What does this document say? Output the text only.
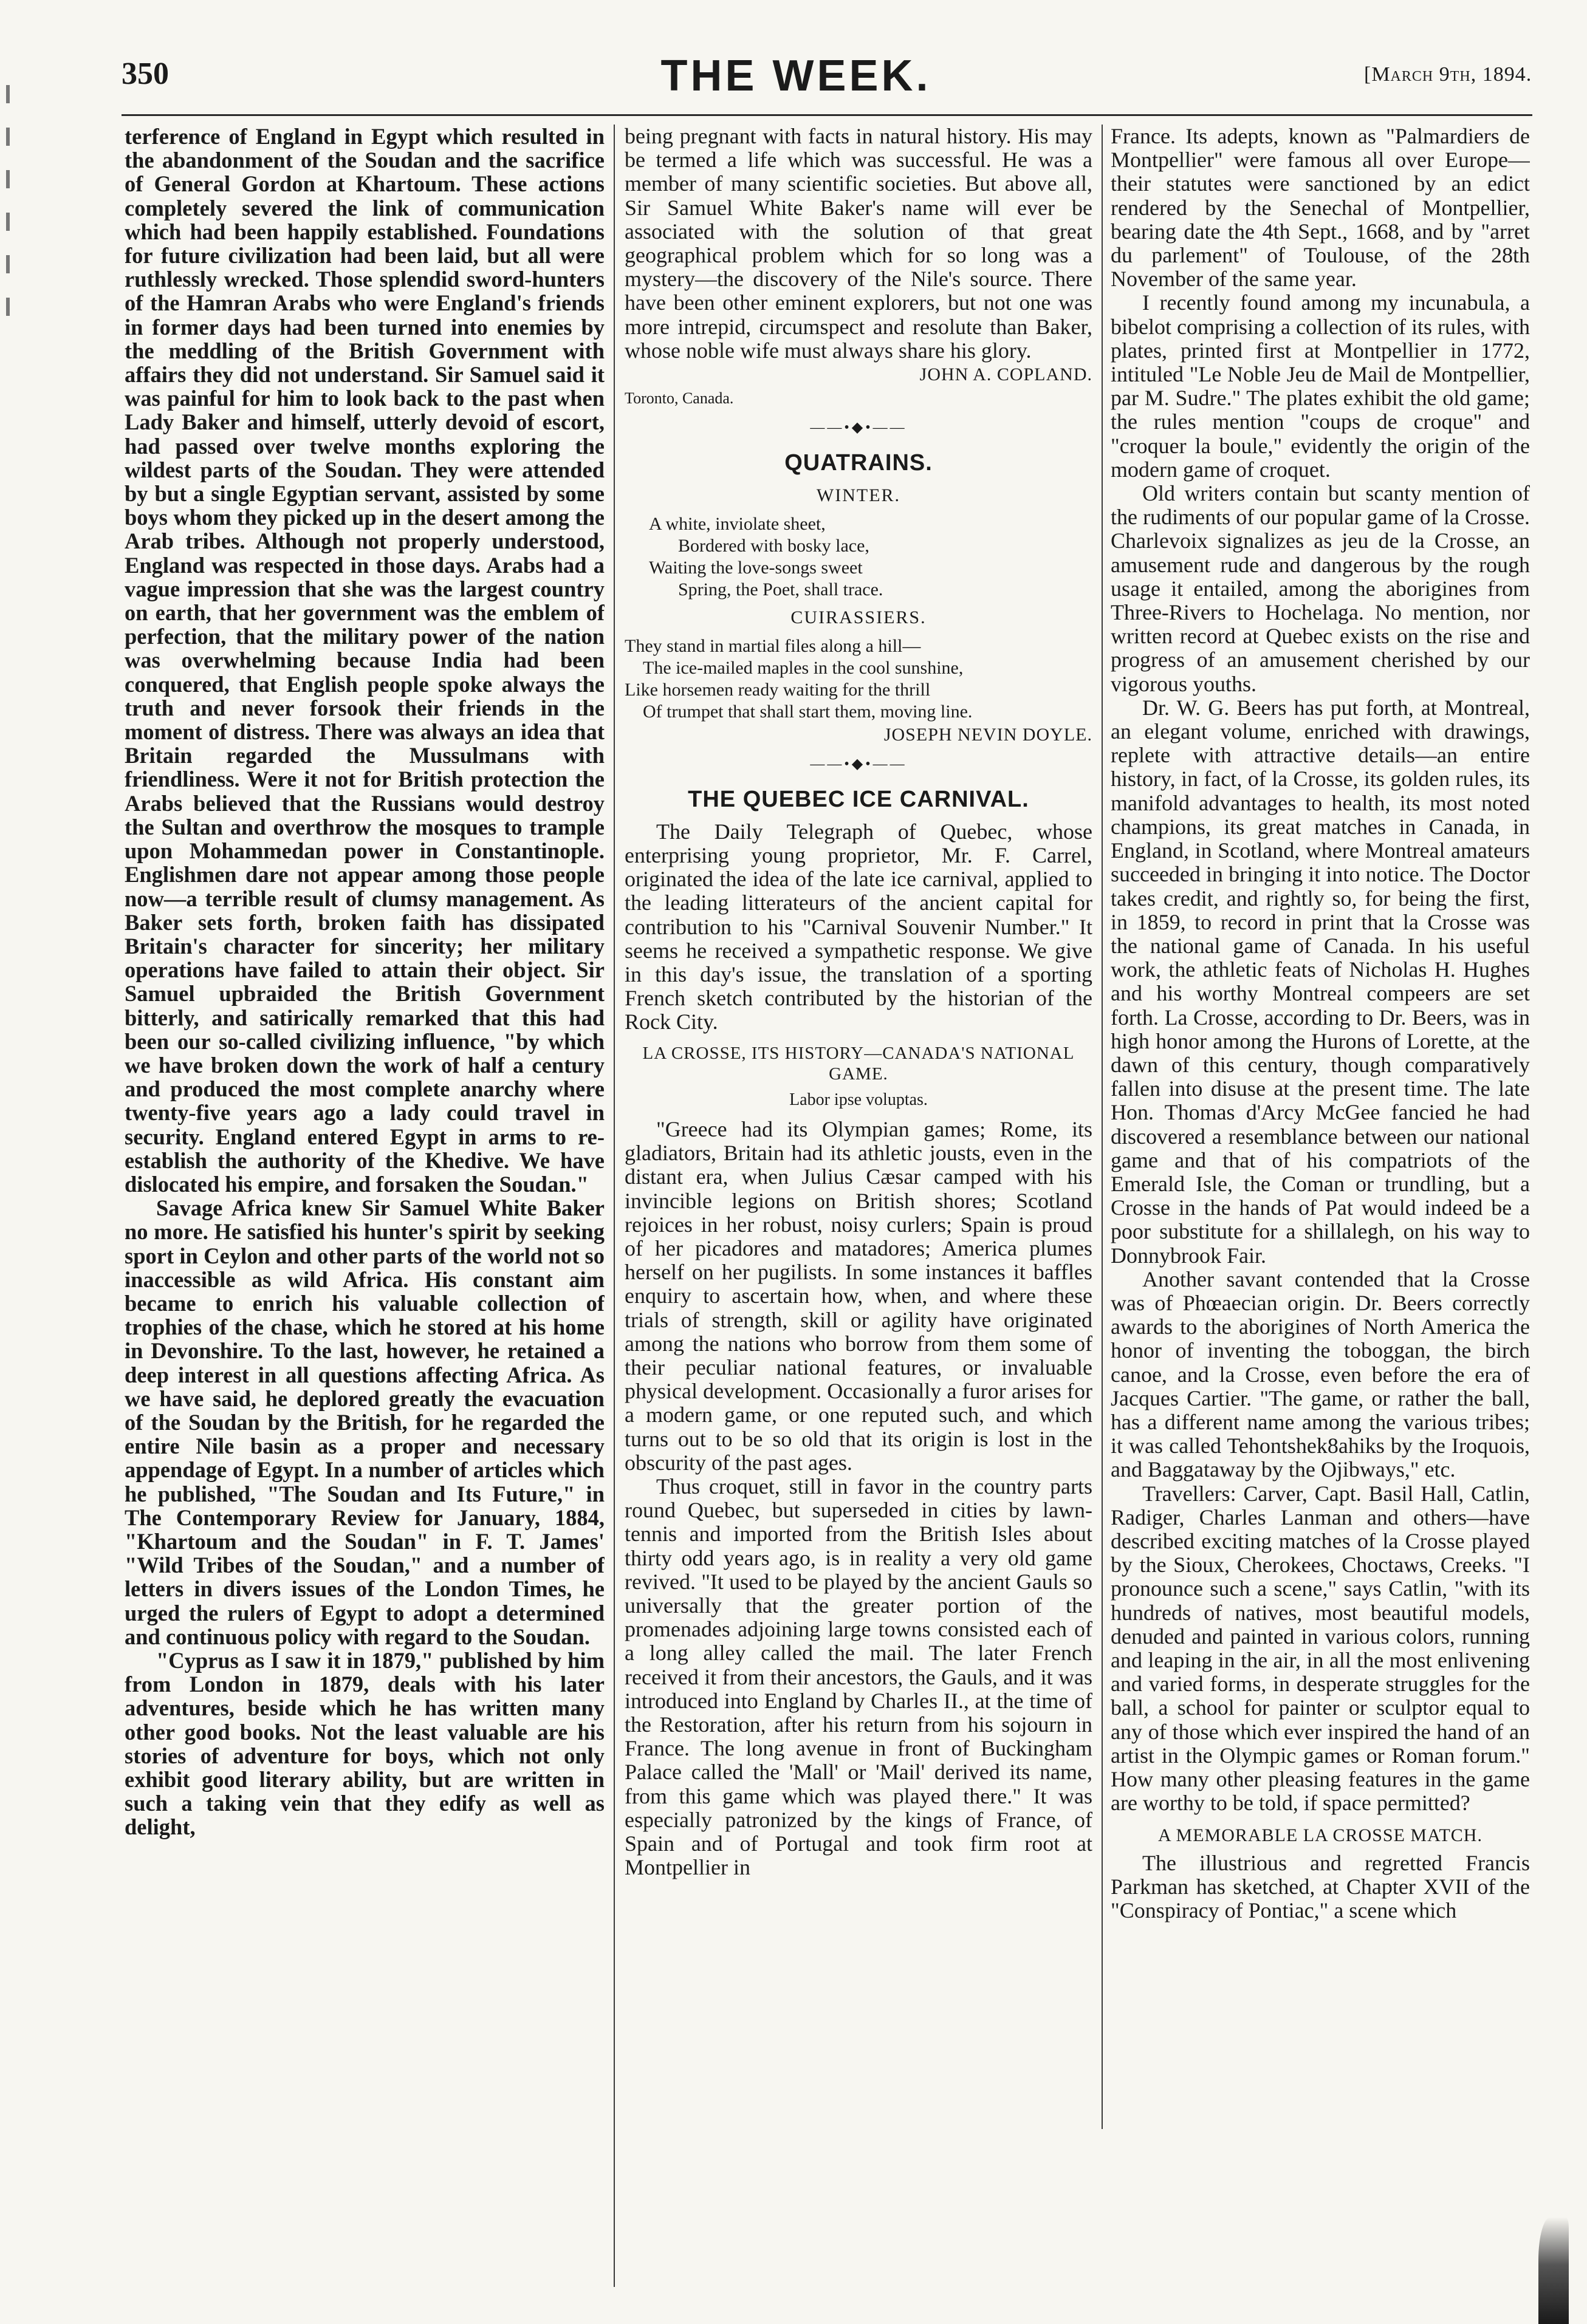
350	THE WEEK.	[March 9th, 1894.

terference of England in Egypt which resulted in the abandonment of the Soudan and the sacrifice of General Gordon at Khartoum. These actions completely severed the link of communication which had been happily established. Foundations for future civilization had been laid, but all were ruthlessly wrecked. Those splendid sword-hunters of the Hamran Arabs who were England's friends in former days had been turned into enemies by the meddling of the British Government with affairs they did not understand. Sir Samuel said it was painful for him to look back to the past when Lady Baker and himself, utterly devoid of escort, had passed over twelve months exploring the wildest parts of the Soudan. They were attended by but a single Egyptian servant, assisted by some boys whom they picked up in the desert among the Arab tribes. Although not properly understood, England was respected in those days. Arabs had a vague impression that she was the largest country on earth, that her government was the emblem of perfection, that the military power of the nation was overwhelming because India had been conquered, that English people spoke always the truth and never forsook their friends in the moment of distress. There was always an idea that Britain regarded the Mussulmans with friendliness. Were it not for British protection the Arabs believed that the Russians would destroy the Sultan and overthrow the mosques to trample upon Mohammedan power in Constantinople. Englishmen dare not appear among those people now—a terrible result of clumsy management. As Baker sets forth, broken faith has dissipated Britain's character for sincerity; her military operations have failed to attain their object. Sir Samuel upbraided the British Government bitterly, and satirically remarked that this had been our so-called civilizing influence, "by which we have broken down the work of half a century and produced the most complete anarchy where twenty-five years ago a lady could travel in security. England entered Egypt in arms to re-establish the authority of the Khedive. We have dislocated his empire, and forsaken the Soudan."

Savage Africa knew Sir Samuel White Baker no more. He satisfied his hunter's spirit by seeking sport in Ceylon and other parts of the world not so inaccessible as wild Africa. His constant aim became to enrich his valuable collection of trophies of the chase, which he stored at his home in Devonshire. To the last, however, he retained a deep interest in all questions affecting Africa. As we have said, he deplored greatly the evacuation of the Soudan by the British, for he regarded the entire Nile basin as a proper and necessary appendage of Egypt. In a number of articles which he published, "The Soudan and Its Future," in The Contemporary Review for January, 1884, "Khartoum and the Soudan" in F. T. James' "Wild Tribes of the Soudan," and a number of letters in divers issues of the London Times, he urged the rulers of Egypt to adopt a determined and continuous policy with regard to the Soudan.

"Cyprus as I saw it in 1879," published by him from London in 1879, deals with his later adventures, beside which he has written many other good books. Not the least valuable are his stories of adventure for boys, which not only exhibit good literary ability, but are written in such a taking vein that they edify as well as delight,

being pregnant with facts in natural history. His may be termed a life which was successful. He was a member of many scientific societies. But above all, Sir Samuel White Baker's name will ever be associated with the solution of that great geographical problem which for so long was a mystery—the discovery of the Nile's source. There have been other eminent explorers, but not one was more intrepid, circumspect and resolute than Baker, whose noble wife must always share his glory.

JOHN A. COPLAND.

Toronto, Canada.

——•◆•——
QUATRAINS.
WINTER.
A white, inviolate sheet,
Bordered with bosky lace,
Waiting the love-songs sweet
Spring, the Poet, shall trace.
CUIRASSIERS.
They stand in martial files along a hill—
The ice-mailed maples in the cool sunshine,
Like horsemen ready waiting for the thrill
Of trumpet that shall start them, moving line.

JOSEPH NEVIN DOYLE.

——•◆•——
THE QUEBEC ICE CARNIVAL.

The Daily Telegraph of Quebec, whose enterprising young proprietor, Mr. F. Carrel, originated the idea of the late ice carnival, applied to the leading litterateurs of the ancient capital for contribution to his "Carnival Souvenir Number." It seems he received a sympathetic response. We give in this day's issue, the translation of a sporting French sketch contributed by the historian of the Rock City.

LA CROSSE, ITS HISTORY—CANADA'S NATIONAL GAME.
Labor ipse voluptas.

"Greece had its Olympian games; Rome, its gladiators, Britain had its athletic jousts, even in the distant era, when Julius Cæsar camped with his invincible legions on British shores; Scotland rejoices in her robust, noisy curlers; Spain is proud of her picadores and matadores; America plumes herself on her pugilists. In some instances it baffles enquiry to ascertain how, when, and where these trials of strength, skill or agility have originated among the nations who borrow from them some of their peculiar national features, or invaluable physical development. Occasionally a furor arises for a modern game, or one reputed such, and which turns out to be so old that its origin is lost in the obscurity of the past ages.

Thus croquet, still in favor in the country parts round Quebec, but superseded in cities by lawn-tennis and imported from the British Isles about thirty odd years ago, is in reality a very old game revived. "It used to be played by the ancient Gauls so universally that the greater portion of the promenades adjoining large towns consisted each of a long alley called the mail. The later French received it from their ancestors, the Gauls, and it was introduced into England by Charles II., at the time of the Restoration, after his return from his sojourn in France. The long avenue in front of Buckingham Palace called the 'Mall' or 'Mail' derived its name, from this game which was played there." It was especially patronized by the kings of France, of Spain and of Portugal and took firm root at Montpellier in

France. Its adepts, known as "Palmardiers de Montpellier" were famous all over Europe—their statutes were sanctioned by an edict rendered by the Senechal of Montpellier, bearing date the 4th Sept., 1668, and by "arret du parlement" of Toulouse, of the 28th November of the same year.

I recently found among my incunabula, a bibelot comprising a collection of its rules, with plates, printed first at Montpellier in 1772, intituled "Le Noble Jeu de Mail de Montpellier, par M. Sudre." The plates exhibit the old game; the rules mention "coups de croque" and "croquer la boule," evidently the origin of the modern game of croquet.

Old writers contain but scanty mention of the rudiments of our popular game of la Crosse. Charlevoix signalizes as jeu de la Crosse, an amusement rude and dangerous by the rough usage it entailed, among the aborigines from Three-Rivers to Hochelaga. No mention, nor written record at Quebec exists on the rise and progress of an amusement cherished by our vigorous youths.

Dr. W. G. Beers has put forth, at Montreal, an elegant volume, enriched with drawings, replete with attractive details—an entire history, in fact, of la Crosse, its golden rules, its manifold advantages to health, its most noted champions, its great matches in Canada, in England, in Scotland, where Montreal amateurs succeeded in bringing it into notice. The Doctor takes credit, and rightly so, for being the first, in 1859, to record in print that la Crosse was the national game of Canada. In his useful work, the athletic feats of Nicholas H. Hughes and his worthy Montreal compeers are set forth. La Crosse, according to Dr. Beers, was in high honor among the Hurons of Lorette, at the dawn of this century, though comparatively fallen into disuse at the present time. The late Hon. Thomas d'Arcy McGee fancied he had discovered a resemblance between our national game and that of his compatriots of the Emerald Isle, the Coman or trundling, but a Crosse in the hands of Pat would indeed be a poor substitute for a shillalegh, on his way to Donnybrook Fair.

Another savant contended that la Crosse was of Phœaecian origin. Dr. Beers correctly awards to the aborigines of North America the honor of inventing the toboggan, the birch canoe, and la Crosse, even before the era of Jacques Cartier. "The game, or rather the ball, has a different name among the various tribes; it was called Tehontshek8ahiks by the Iroquois, and Baggataway by the Ojibways," etc.

Travellers: Carver, Capt. Basil Hall, Catlin, Radiger, Charles Lanman and others—have described exciting matches of la Crosse played by the Sioux, Cherokees, Choctaws, Creeks. "I pronounce such a scene," says Catlin, "with its hundreds of natives, most beautiful models, denuded and painted in various colors, running and leaping in the air, in all the most enlivening and varied forms, in desperate struggles for the ball, a school for painter or sculptor equal to any of those which ever inspired the hand of an artist in the Olympic games or Roman forum." How many other pleasing features in the game are worthy to be told, if space permitted?

A MEMORABLE LA CROSSE MATCH.

The illustrious and regretted Francis Parkman has sketched, at Chapter XVII of the "Conspiracy of Pontiac," a scene which
